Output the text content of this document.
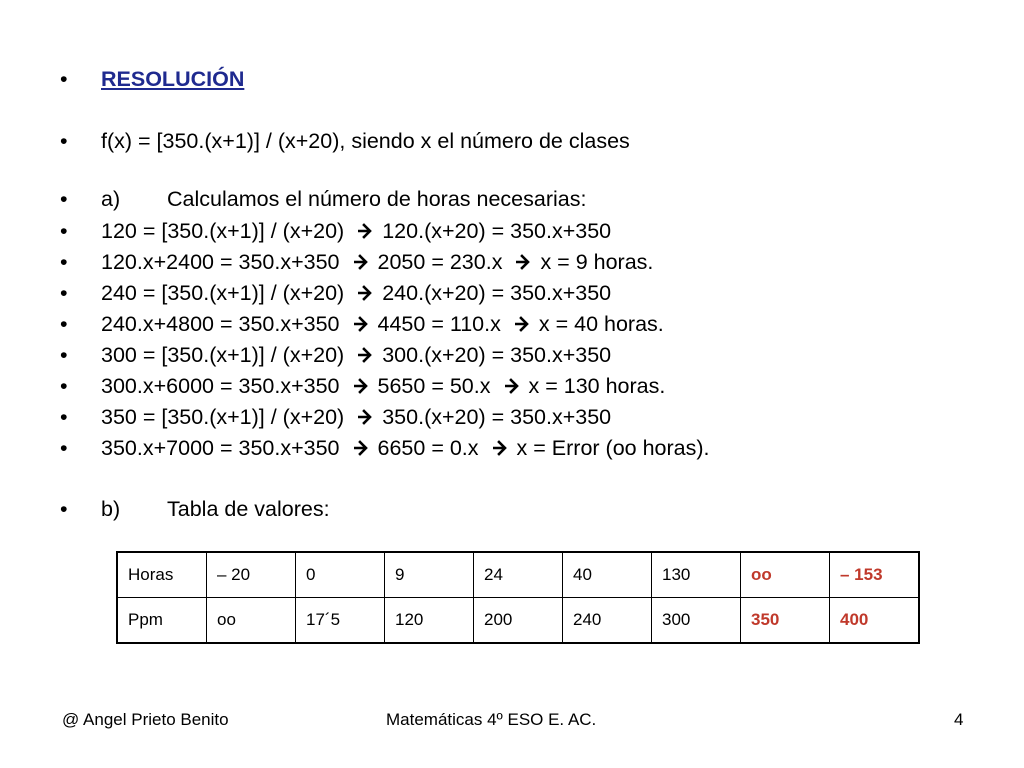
•	RESOLUCIÓN
•	f(x) = [350.(x+1)] / (x+20), siendo x el número de clases
•	a) Calculamos el número de horas necesarias:
•	120 = [350.(x+1)] / (x+20) 120.(x+20) = 350.x+350
•	120.x+2400 = 350.x+350 2050 = 230.x x = 9 horas.
•	240 = [350.(x+1)] / (x+20) 240.(x+20) = 350.x+350
•	240.x+4800 = 350.x+350 4450 = 110.x x = 40 horas.
•	300 = [350.(x+1)] / (x+20) 300.(x+20) = 350.x+350
•	300.x+6000 = 350.x+350 5650 = 50.x x = 130 horas.
•	350 = [350.(x+1)] / (x+20) 350.(x+20) = 350.x+350
•	350.x+7000 = 350.x+350 6650 = 0.x x = Error (oo horas).
•	b) Tabla de valores:
Horas	– 20	0	9	24	40	130	oo	– 153
Ppm	oo	17´5	120	200	240	300	350	400
@ Angel Prieto Benito	Matemáticas 4º ESO E. AC.	4
